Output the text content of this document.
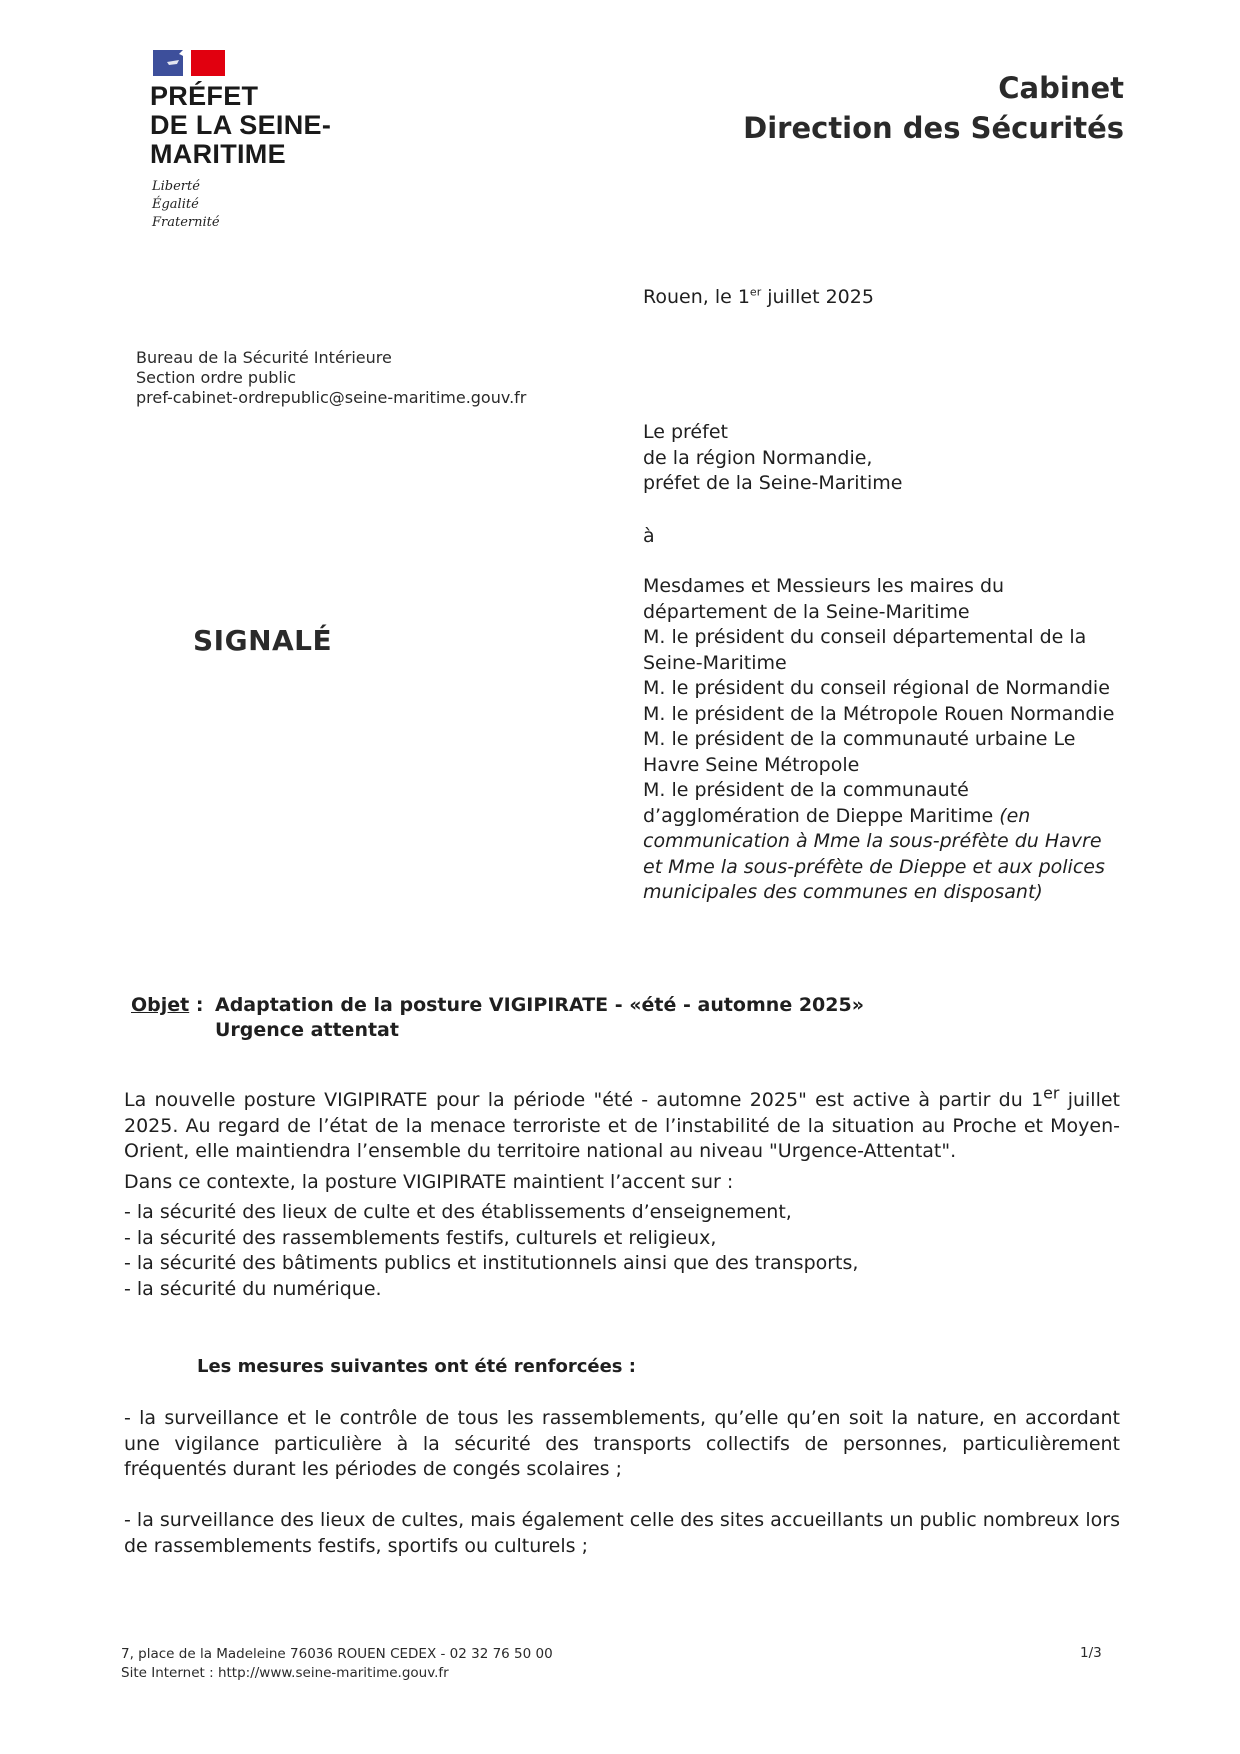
PRÉFET
DE LA SEINE-
MARITIME
Liberté
Égalité
Fraternité
Cabinet
Direction des Sécurités
Rouen, le 1er juillet 2025
Bureau de la Sécurité Intérieure
Section ordre public
pref-cabinet-ordrepublic@seine-maritime.gouv.fr
Le préfet
de la région Normandie,
préfet de la Seine-Maritime
à
Mesdames et Messieurs les maires du département de la Seine-Maritime
M. le président du conseil départemental de la Seine-Maritime
M. le président du conseil régional de Normandie
M. le président de la Métropole Rouen Normandie
M. le président de la communauté urbaine Le Havre Seine Métropole
M. le président de la communauté d’agglomération de Dieppe Maritime (en communication à Mme la sous-préfète du Havre et Mme la sous-préfète de Dieppe et aux polices municipales des communes en disposant)
SIGNALÉ
Objet : Adaptation de la posture VIGIPIRATE - «été - automne 2025»
Urgence attentat
La nouvelle posture VIGIPIRATE pour la période "été - automne 2025" est active à partir du 1er juillet 2025. Au regard de l’état de la menace terroriste et de l’instabilité de la situation au Proche et Moyen-Orient, elle maintiendra l’ensemble du territoire national au niveau "Urgence-Attentat".
Dans ce contexte, la posture VIGIPIRATE maintient l’accent sur :
- la sécurité des lieux de culte et des établissements d’enseignement,
- la sécurité des rassemblements festifs, culturels et religieux,
- la sécurité des bâtiments publics et institutionnels ainsi que des transports,
- la sécurité du numérique.
Les mesures suivantes ont été renforcées :
- la surveillance et le contrôle de tous les rassemblements, qu’elle qu’en soit la nature, en accordant une vigilance particulière à la sécurité des transports collectifs de personnes, particulièrement fréquentés durant les périodes de congés scolaires ;
- la surveillance des lieux de cultes, mais également celle des sites accueillants un public nombreux lors de rassemblements festifs, sportifs ou culturels ;
7, place de la Madeleine 76036 ROUEN CEDEX - 02 32 76 50 00
Site Internet : http://www.seine-maritime.gouv.fr
1/3
